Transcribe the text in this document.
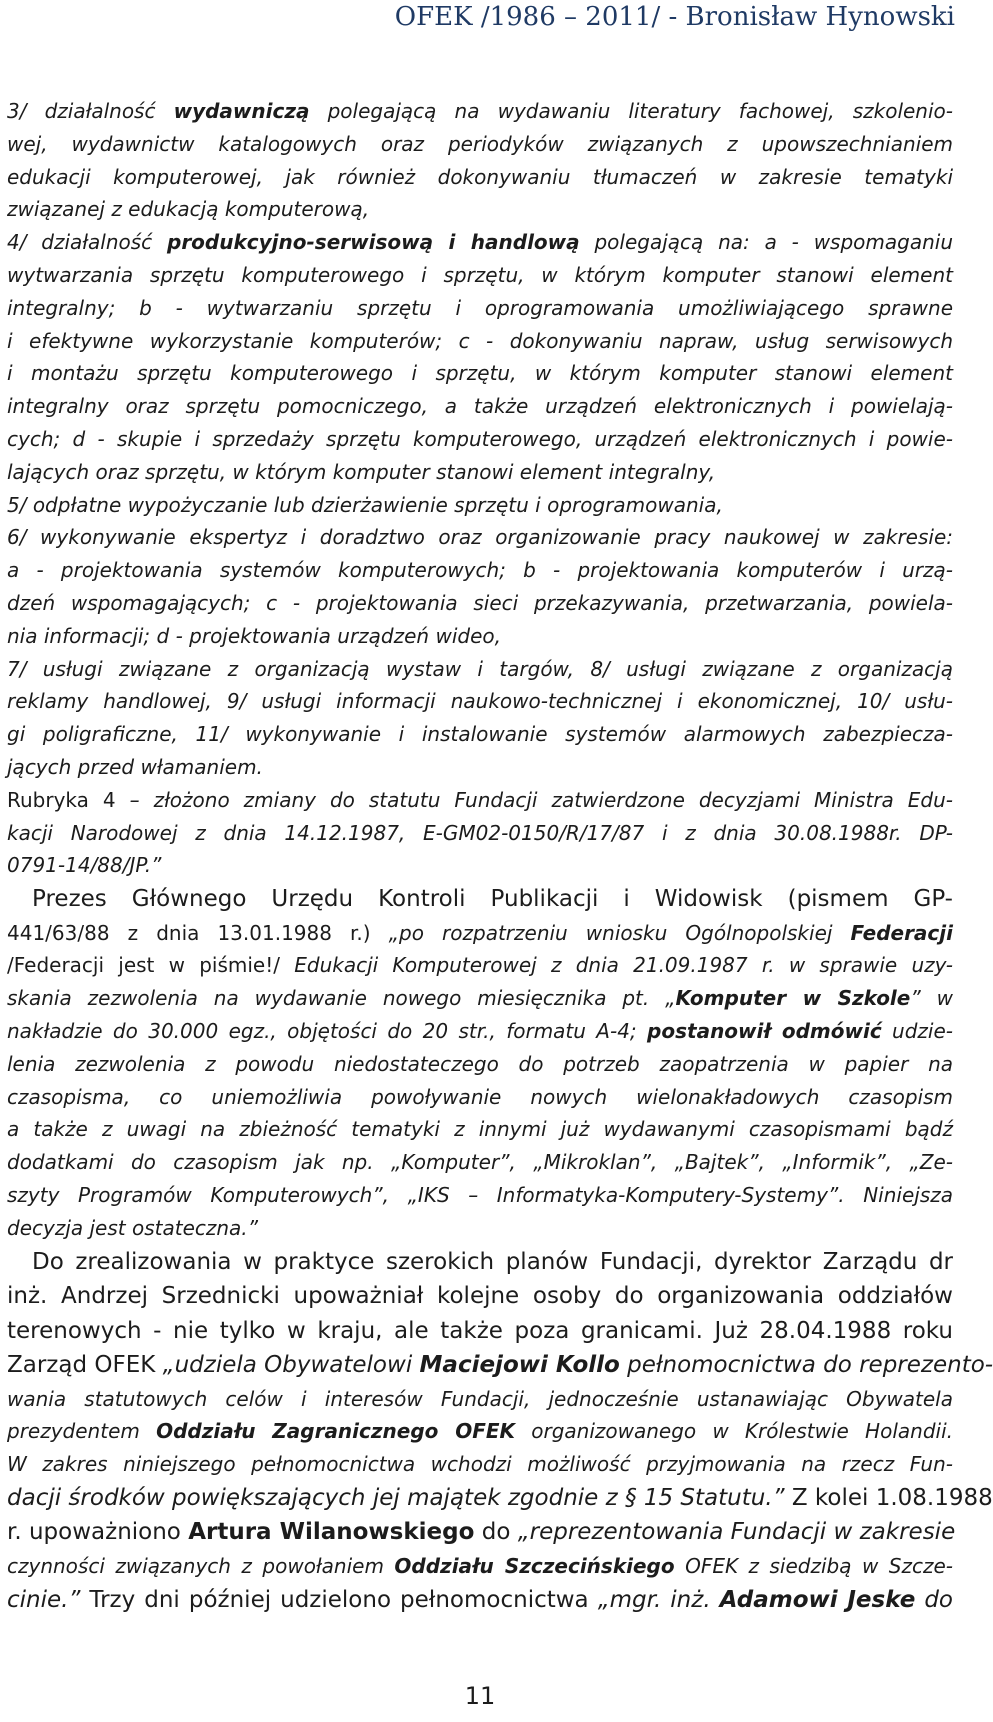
OFEK /1986 – 2011/ - Bronisław Hynowski
3/ działalność wydawniczą polegającą na wydawaniu literatury fachowej, szkolenio-
wej, wydawnictw katalogowych oraz periodyków związanych z upowszechnianiem
edukacji komputerowej, jak również dokonywaniu tłumaczeń w zakresie tematyki
związanej z edukacją komputerową,
4/ działalność produkcyjno-serwisową i handlową polegającą na: a - wspomaganiu
wytwarzania sprzętu komputerowego i sprzętu, w którym komputer stanowi element
integralny; b - wytwarzaniu sprzętu i oprogramowania umożliwiającego sprawne
i efektywne wykorzystanie komputerów; c - dokonywaniu napraw, usług serwisowych
i montażu sprzętu komputerowego i sprzętu, w którym komputer stanowi element
integralny oraz sprzętu pomocniczego, a także urządzeń elektronicznych i powielają-
cych; d - skupie i sprzedaży sprzętu komputerowego, urządzeń elektronicznych i powie-
lających oraz sprzętu, w którym komputer stanowi element integralny,
5/ odpłatne wypożyczanie lub dzierżawienie sprzętu i oprogramowania,
6/ wykonywanie ekspertyz i doradztwo oraz organizowanie pracy naukowej w zakresie:
a - projektowania systemów komputerowych; b - projektowania komputerów i urzą-
dzeń wspomagających; c - projektowania sieci przekazywania, przetwarzania, powiela-
nia informacji; d - projektowania urządzeń wideo,
7/ usługi związane z organizacją wystaw i targów, 8/ usługi związane z organizacją
reklamy handlowej, 9/ usługi informacji naukowo-technicznej i ekonomicznej, 10/ usłu-
gi poligraficzne, 11/ wykonywanie i instalowanie systemów alarmowych zabezpiecza-
jących przed włamaniem.
Rubryka 4 – złożono zmiany do statutu Fundacji zatwierdzone decyzjami Ministra Edu-
kacji Narodowej z dnia 14.12.1987, E-GM02-0150/R/17/87 i z dnia 30.08.1988r. DP-
0791-14/88/JP.”
Prezes Głównego Urzędu Kontroli Publikacji i Widowisk (pismem GP-
441/63/88 z dnia 13.01.1988 r.) „po rozpatrzeniu wniosku Ogólnopolskiej Federacji
/Federacji jest w piśmie!/ Edukacji Komputerowej z dnia 21.09.1987 r. w sprawie uzy-
skania zezwolenia na wydawanie nowego miesięcznika pt. „Komputer w Szkole” w
nakładzie do 30.000 egz., objętości do 20 str., formatu A-4; postanowił odmówić udzie-
lenia zezwolenia z powodu niedostateczego do potrzeb zaopatrzenia w papier na
czasopisma, co uniemożliwia powoływanie nowych wielonakładowych czasopism
a także z uwagi na zbieżność tematyki z innymi już wydawanymi czasopismami bądź
dodatkami do czasopism jak np. „Komputer”, „Mikroklan”, „Bajtek”, „Informik”, „Ze-
szyty Programów Komputerowych”, „IKS – Informatyka-Komputery-Systemy”. Niniejsza
decyzja jest ostateczna.”
Do zrealizowania w praktyce szerokich planów Fundacji, dyrektor Zarządu dr
inż. Andrzej Srzednicki upoważniał kolejne osoby do organizowania oddziałów
terenowych - nie tylko w kraju, ale także poza granicami. Już 28.04.1988 roku
Zarząd OFEK „udziela Obywatelowi Maciejowi Kollo pełnomocnictwa do reprezento-
wania statutowych celów i interesów Fundacji, jednocześnie ustanawiając Obywatela
prezydentem Oddziału Zagranicznego OFEK organizowanego w Królestwie Holandii.
W zakres niniejszego pełnomocnictwa wchodzi możliwość przyjmowania na rzecz Fun-
dacji środków powiększających jej majątek zgodnie z § 15 Statutu.” Z kolei 1.08.1988
r. upoważniono Artura Wilanowskiego do „reprezentowania Fundacji w zakresie
czynności związanych z powołaniem Oddziału Szczecińskiego OFEK z siedzibą w Szcze-
cinie.” Trzy dni później udzielono pełnomocnictwa „mgr. inż. Adamowi Jeske do
11
